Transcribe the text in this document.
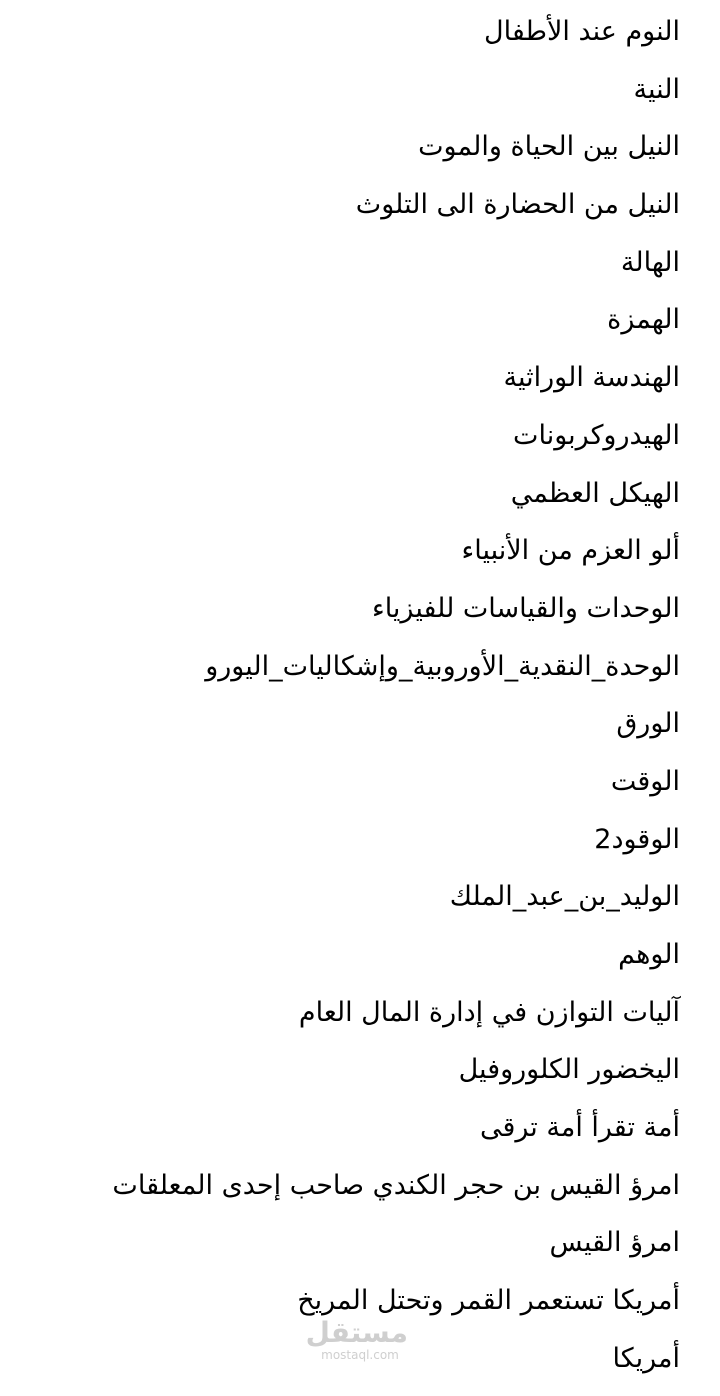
النوم عند الأطفال
النية
النيل بين الحياة والموت
النيل من الحضارة الى التلوث
الهالة
الهمزة
الهندسة الوراثية
الهيدروكربونات
الهيكل العظمي
ألو العزم من الأنبياء
الوحدات والقياسات للفيزياء
الوحدة_النقدية_الأوروبية_وإشكاليات_اليورو
الورق
الوقت
الوقود2
الوليد_بن_عبد_الملك
الوهم
آليات التوازن في إدارة المال العام
اليخضور الكلوروفيل
أمة تقرأ أمة ترقى
امرؤ القيس بن حجر الكندي صاحب إحدى المعلقات
امرؤ القيس
أمريكا تستعمر القمر وتحتل المريخ
أمريكا
مستقل
mostaql.com
